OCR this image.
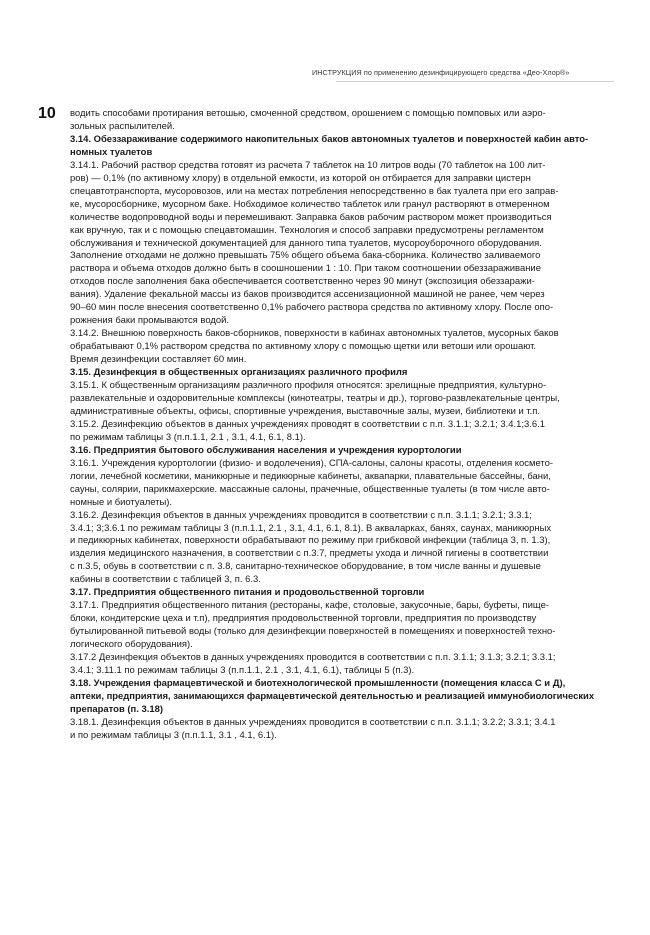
ИНСТРУКЦИЯ по применению дезинфицирующего средства «Део-Хлор®»
10 водить способами протирания ветошью, смоченной средством, орошением с помощью помповых или аэро-
зольных распылителей.
3.14. Обеззараживание содержимого накопительных баков автономных туалетов и поверхностей кабин авто-
номных туалетов
3.14.1. Рабочий раствор средства готовят из расчета 7 таблеток на 10 литров воды (70 таблеток на 100 лит-
ров) — 0,1% (по активному хлору) в отдельной емкости, из которой он отбирается для заправки цистерн
спецавтотранспорта, мусоровозов, или на местах потребления непосредственно в бак туалета при его заправ-
ке, мусоросборнике, мусорном баке. Нобходимое количество таблеток или гранул растворяют в отмеренном
количестве водопроводной воды и перемешивают. Заправка баков рабочим раствором может производиться
как вручную, так и с помощью спецавтомашин. Технология и способ заправки предусмотрены регламентом
обслуживания и технической документацией для данного типа туалетов, мусороуборочного оборудования.
Заполнение отходами не должно превышать 75% общего объема бака-сборника. Количество заливаемого
раствора и объема отходов должно быть в соошношении 1 : 10. При таком соотношении обеззараживание
отходов после заполнения бака обеспечивается соответственно через 90 минут (экспозиция обеззаражи-
вания). Удаление фекальной массы из баков производится ассенизационной машиной не ранее, чем через
90–60 мин после внесения соответственно 0,1% рабочего раствора средства по активному хлору. После опо-
рожнения баки промываются водой.
3.14.2. Внешнюю поверхность баков-сборников, поверхности в кабинах автономных туалетов, мусорных баков
обрабатывают 0,1% раствором средства по активному хлору с помощью щетки или ветоши или орошают.
Время дезинфекции составляет 60 мин.
3.15. Дезинфекция в общественных организациях различного профиля
3.15.1. К общественным организациям различного профиля относятся: зрелищные предприятия, культурно-
развлекательные и оздоровительные комплексы (кинотеатры, театры и др.), торгово-развлекательные центры,
административные объекты, офисы, спортивные учреждения, выставочные залы, музеи, библиотеки и т.п.
3.15.2. Дезинфекцию объектов в данных учреждениях проводят в соответствии с п.п. 3.1.1; 3.2.1; 3.4.1;3.6.1
по режимам таблицы 3 (п.п.1.1, 2.1 , 3.1, 4.1, 6.1, 8.1).
3.16. Предприятия бытового обслуживания населения и учреждения курортологии
3.16.1. Учреждения курортологии (физио- и водолечения), СПА-салоны, салоны красоты, отделения космето-
логии, лечебной косметики, маникюрные и педикюрные кабинеты, аквапарки, плавательные бассейны, бани,
сауны, солярии, парикмахерские. массажные салоны, прачечные, общественные туалеты (в том числе авто-
номные и биотуалеты).
3.16.2. Дезинфекция объектов в данных учреждениях проводится в соответствии с п.п. 3.1.1; 3.2.1; 3.3.1;
3.4.1; 3;3.6.1 по режимам таблицы 3 (п.п.1.1, 2.1 , 3.1, 4.1, 6.1, 8.1). В акваларках, банях, саунах, маникюрных
и педикюрных кабинетах, поверхности обрабатывают по режиму при грибковой инфекции (таблица 3, п. 1.3),
изделия медицинского назначения, в соответствии с п.3.7, предметы ухода и личной гигиены в соответствии
с п.3.5, обувь в соответствии с п. 3.8, санитарно-техническое оборудование, в том числе ванны и душевые
кабины в соответствии с таблицей 3, п. 6.3.
3.17. Предприятия общественного питания и продовольственной торговли
3.17.1. Предприятия общественного питания (рестораны, кафе, столовые, закусочные, бары, буфеты, пище-
блоки, кондитерские цеха и т.п), предприятия продовольственной торговли, предприятия по производству
бутылированной питьевой воды (только для дезинфекции поверхностей в помещениях и поверхностей техно-
логического оборудования).
3.17.2 Дезинфекция объектов в данных учреждениях проводится в соответствии с п.п. 3.1.1; 3.1.3; 3.2.1; 3.3.1;
3.4.1; 3.11.1 по режимам таблицы 3 (п.п.1.1, 2.1 , 3.1, 4.1, 6.1), таблицы 5 (п.3).
3.18. Учреждения фармацевтической и биотехнологической промышленности (помещения класса С и Д),
аптеки, предприятия, занимающихся фармацевтической деятельностью и реализацией иммунобиологических
препаратов (п. 3.18)
3.18.1. Дезинфекция объектов в данных учреждениях проводится в соответствии с п.п. 3.1.1; 3.2.2; 3.3.1; 3.4.1
и по режимам таблицы 3 (п.п.1.1, 3.1 , 4.1, 6.1).
